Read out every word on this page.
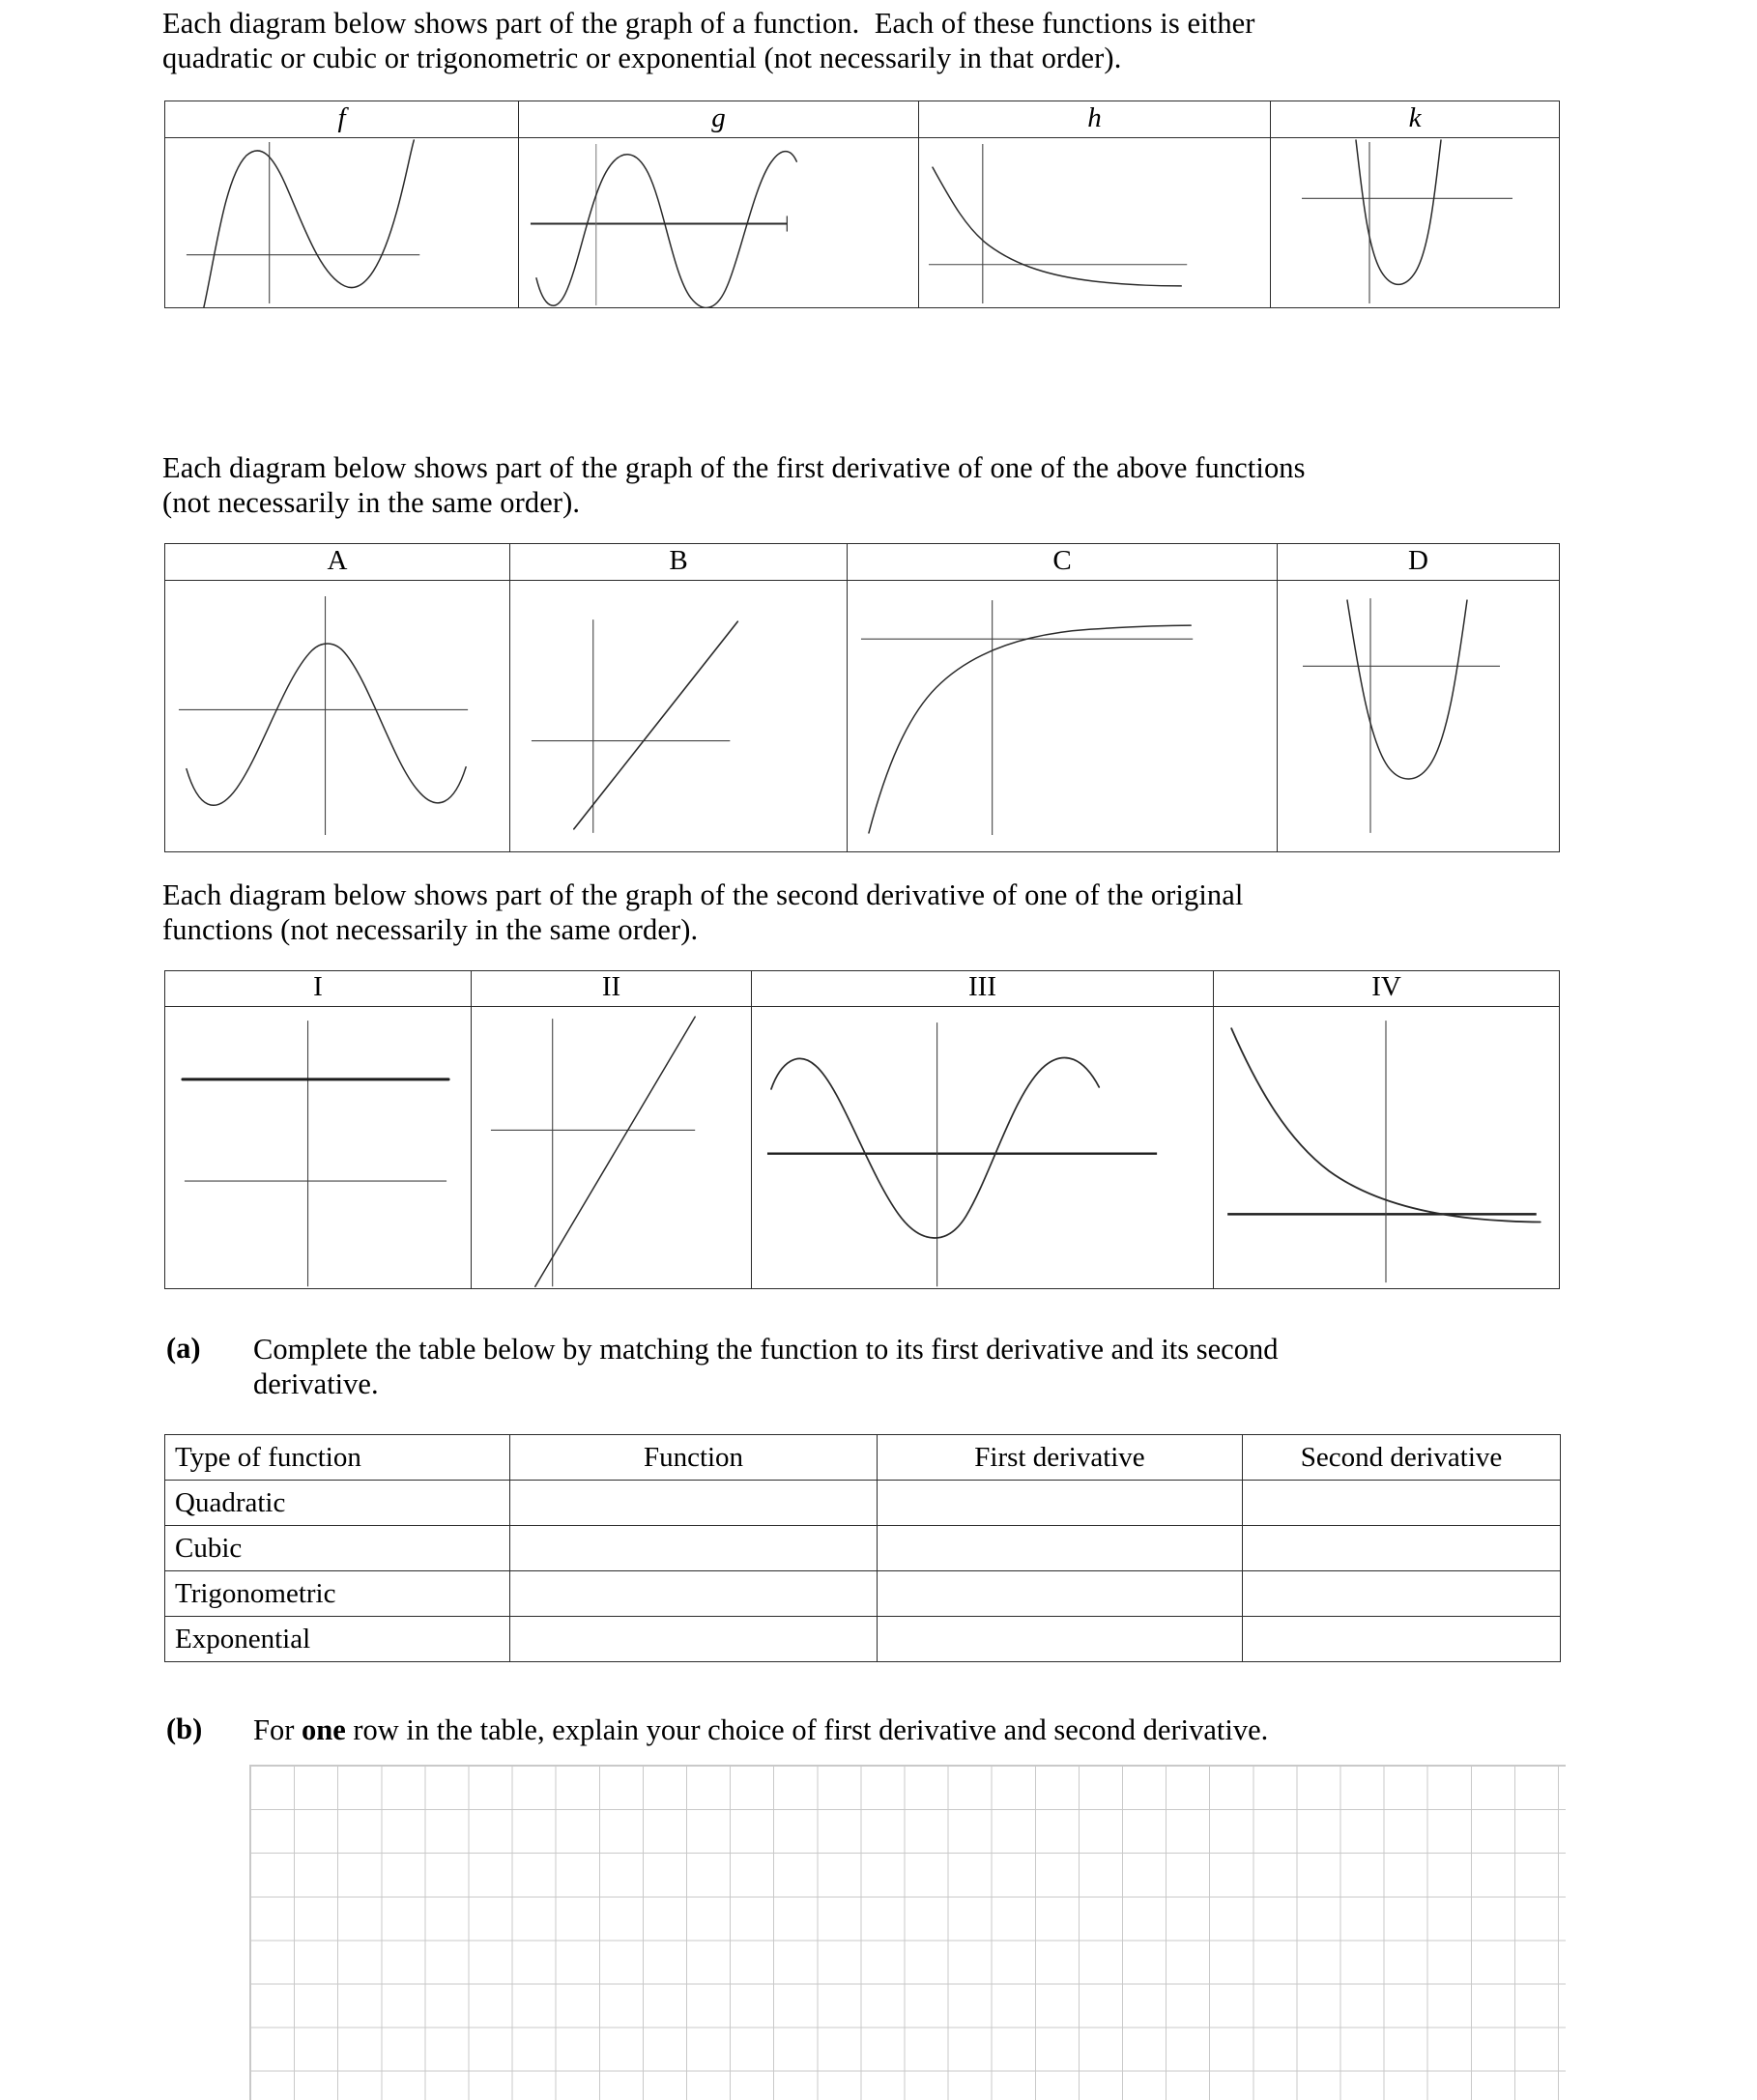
Each diagram below shows part of the graph of a function.  Each of these functions is either
quadratic or cubic or trigonometric or exponential (not necessarily in that order).
f	g	h	k
Each diagram below shows part of the graph of the first derivative of one of the above functions
(not necessarily in the same order).
A	B	C	D
Each diagram below shows part of the graph of the second derivative of one of the original
functions (not necessarily in the same order).
I	II	III	IV
(a) Complete the table below by matching the function to its first derivative and its second
derivative.
Type of function	Function	First derivative	Second derivative
Quadratic			
Cubic			
Trigonometric			
Exponential			
(b) For one row in the table, explain your choice of first derivative and second derivative.
